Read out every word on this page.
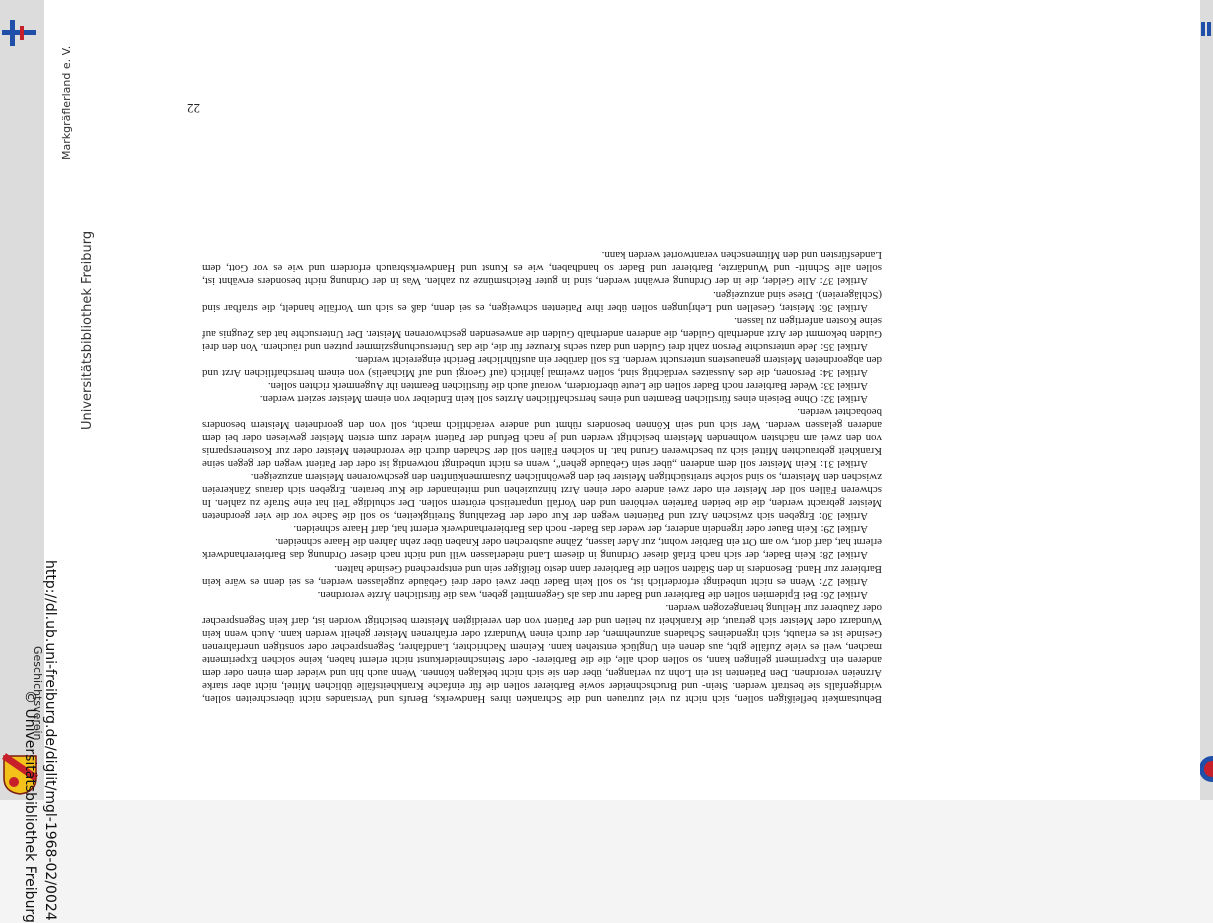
Behutsamkeit befleißigen sollen, sich nicht zu viel zutrauen und die Schranken ihres Handwerks, Berufs und Verstandes nicht überschreiten sollen, widrigenfalls sie bestraft werden. Stein- und Bruchschneider sowie Barbierer sollen die für einfache Krankheitsfälle üblichen Mittel, nicht aber starke Arzneien verordnen. Den Patienten ist ein Lohn zu verlangen, über den sie sich nicht beklagen können. Wenn auch hin und wieder dem einen oder dem anderen ein Experiment gelingen kann, so sollen doch alle, die die Barbierer- oder Steinschneiderkunst nicht erlernt haben, keine solchen Experimente machen, weil es viele Zufälle gibt, aus denen ein Unglück entstehen kann. Keinem Nachrichter, Landfahrer, Segensprecher oder sonstigen unerfahrenen Gesinde ist es erlaubt, sich irgendeines Schadens anzunehmen, der durch einen Wundarzt oder erfahrenen Meister geheilt werden kann. Auch wenn kein Wundarzt oder Meister sich getraut, die Krankheit zu heilen und der Patient von den vereidigten Meistern besichtigt worden ist, darf kein Segensprecher oder Zauberer zur Heilung herangezogen werden.

Artikel 26: Bei Epidemien sollen die Barbierer und Bader nur das als Gegenmittel geben, was die fürstlichen Ärzte verordnen.

Artikel 27: Wenn es nicht unbedingt erforderlich ist, so soll kein Bader über zwei oder drei Gebäude zugelassen werden, es sei denn es wäre kein Barbierer zur Hand. Besonders in den Städten sollen die Barbierer dann desto fleißiger sein und entsprechend Gesinde halten.

Artikel 28: Kein Bader, der sich nach Erlaß dieser Ordnung in diesem Land niederlassen will und nicht nach dieser Ordnung das Barbiererhandwerk erlernt hat, darf dort, wo am Ort ein Barbier wohnt, zur Ader lassen, Zähne ausbrechen oder Knaben über zehn Jahren die Haare schneiden.

Artikel 29: Kein Bauer oder irgendein anderer, der weder das Bader- noch das Barbiererhandwerk erlernt hat, darf Haare schneiden.

Artikel 30: Ergeben sich zwischen Arzt und Patienten wegen der Kur oder der Bezahlung Streitigkeiten, so soll die Sache vor die vier geordneten Meister gebracht werden, die die beiden Parteien verhören und den Vorfall unparteiisch erörtern sollen. Der schuldige Teil hat eine Strafe zu zahlen. In schweren Fällen soll der Meister ein oder zwei andere oder einen Arzt hinzuziehen und miteinander die Kur beraten. Ergeben sich daraus Zänkereien zwischen den Meistern, so sind solche streitsüchtigen Meister bei den gewöhnlichen Zusammenkünften den geschworenen Meistern anzuzeigen.

Artikel 31: Kein Meister soll dem anderen „über sein Gebäude gehen“, wenn es nicht unbedingt notwendig ist oder der Patient wegen der gegen seine Krankheit gebrauchten Mittel sich zu beschweren Grund hat. In solchen Fällen soll der Schaden durch die verordneten Meister oder zur Kostenersparnis von den zwei am nächsten wohnenden Meistern besichtigt werden und je nach Befund der Patient wieder zum ersten Meister gewiesen oder bei dem anderen gelassen werden. Wer sich und sein Können besonders rühmt und andere verächtlich macht, soll von den geordneten Meistern besonders beobachtet werden.

Artikel 32: Ohne Beisein eines fürstlichen Beamten und eines herrschaftlichen Arztes soll kein Entleiber von einem Meister seziert werden.

Artikel 33: Weder Barbierer noch Bader sollen die Leute überfordern, worauf auch die fürstlichen Beamten ihr Augenmerk richten sollen.

Artikel 34: Personen, die des Aussatzes verdächtig sind, sollen zweimal jährlich (auf Georgi und auf Michaelis) von einem herrschaftlichen Arzt und den abgeordneten Meistern genauestens untersucht werden. Es soll darüber ein ausführlicher Bericht eingereicht werden.

Artikel 35: Jede untersuchte Person zahlt drei Gulden und dazu sechs Kreuzer für die, die das Untersuchungszimmer putzen und räuchern. Von den drei Gulden bekommt der Arzt anderthalb Gulden, die anderen anderthalb Gulden die anwesenden geschworenen Meister. Der Untersuchte hat das Zeugnis auf seine Kosten anfertigen zu lassen.

Artikel 36: Meister, Gesellen und Lehrjungen sollen über ihre Patienten schweigen, es sei denn, daß es sich um Vorfälle handelt, die strafbar sind (Schlägereien). Diese sind anzuzeigen.

Artikel 37: Alle Gelder, die in der Ordnung erwähnt werden, sind in guter Reichsmünze zu zahlen. Was in der Ordnung nicht besonders erwähnt ist, sollen alle Schnitt- und Wundärzte, Barbierer und Bader so handhaben, wie es Kunst und Handwerksbrauch erfordern und wie es vor Gott, dem Landesfürsten und den Mitmenschen verantwortet werden kann.

22
Universitätsbibliothek Freiburg
Markgräflerland e. V.
http://dl.ub.uni-freiburg.de/diglit/mgl-1968-02/0024
© Universitätsbibliothek Freiburg
Geschichtsverein
